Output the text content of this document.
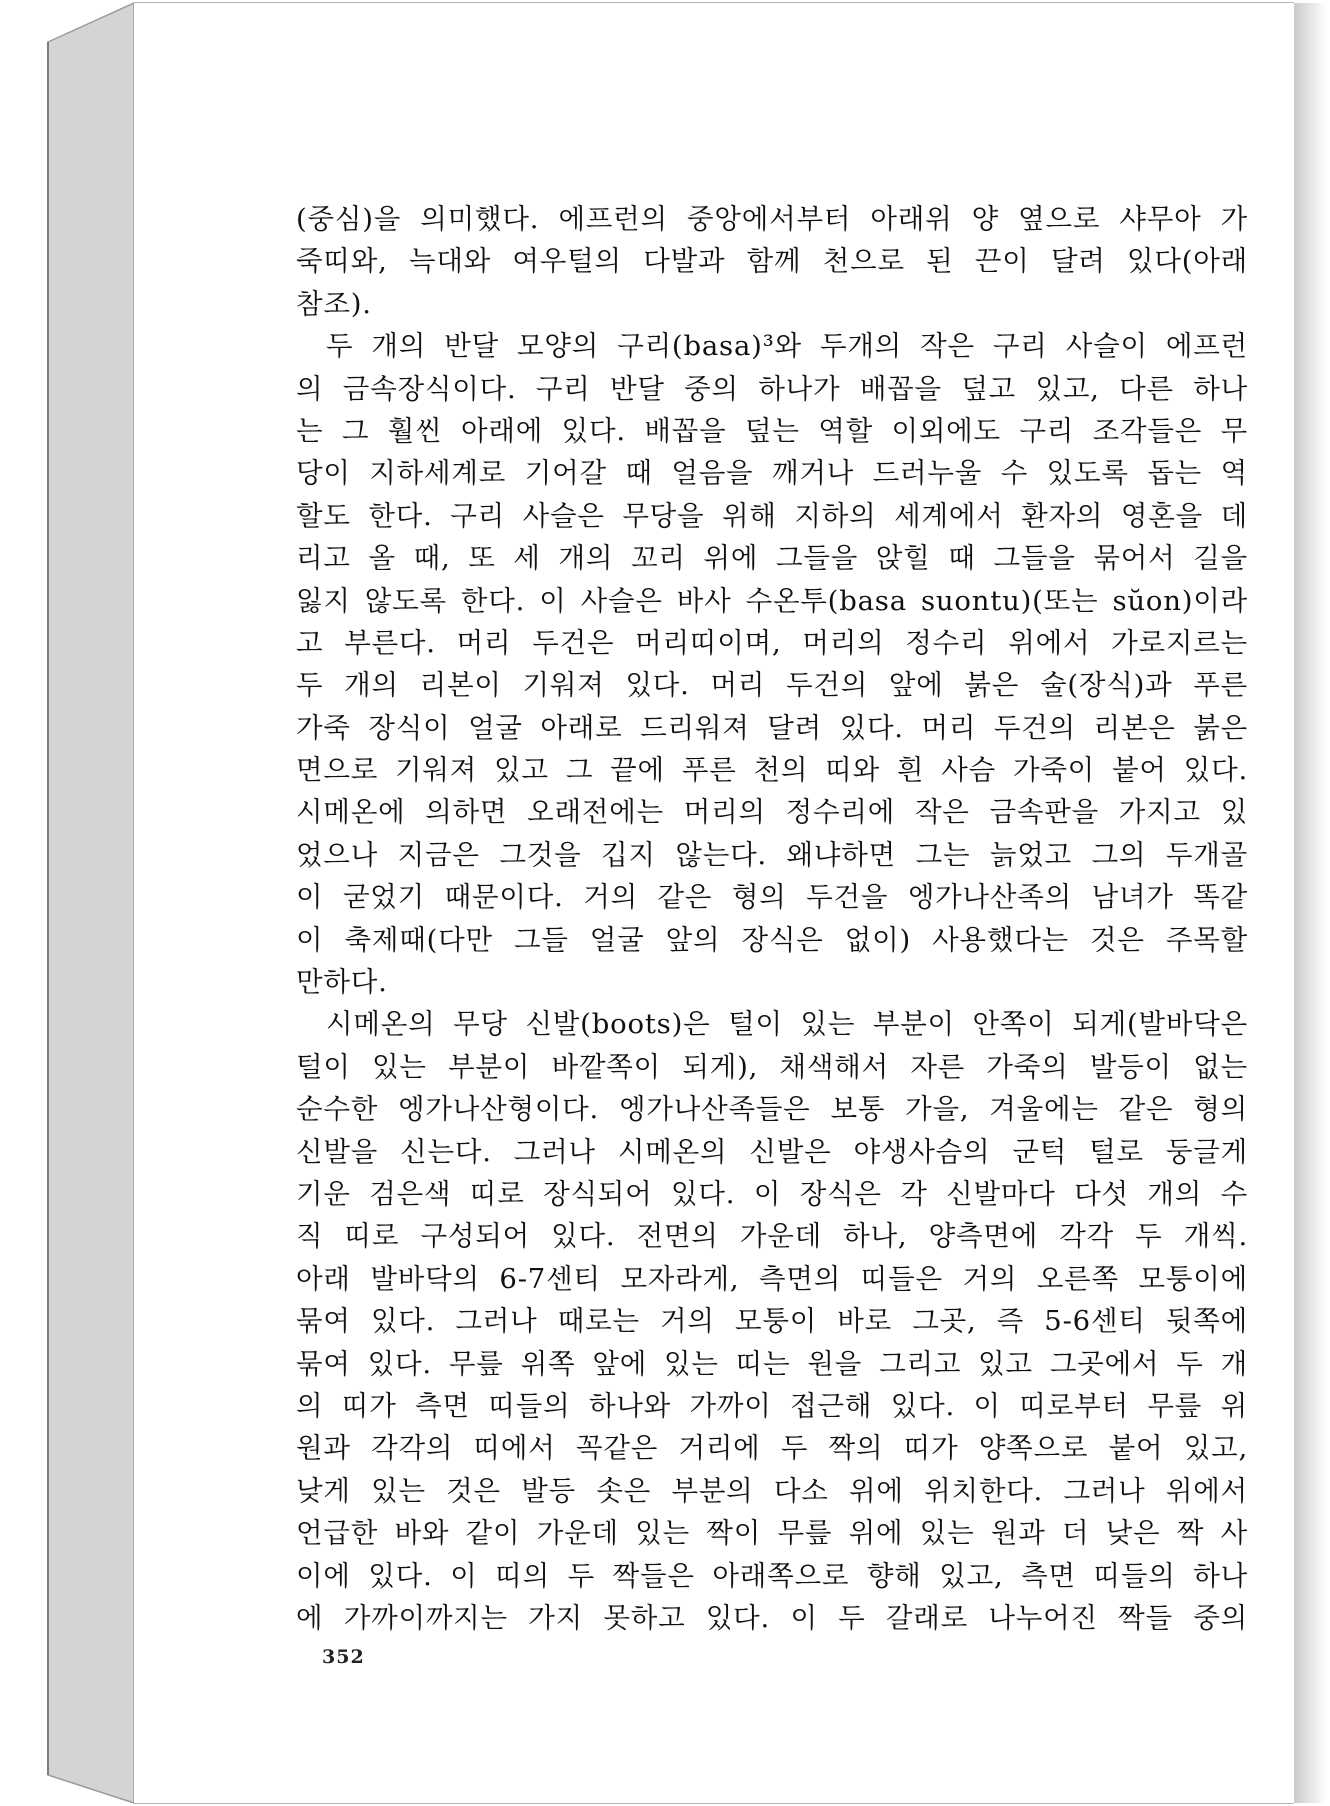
(중심)을 의미했다. 에프런의 중앙에서부터 아래위 양 옆으로 샤무아 가
죽띠와, 늑대와 여우털의 다발과 함께 천으로 된 끈이 달려 있다(아래
참조).
두 개의 반달 모양의 구리(basa)³와 두개의 작은 구리 사슬이 에프런
의 금속장식이다. 구리 반달 중의 하나가 배꼽을 덮고 있고, 다른 하나
는 그 훨씬 아래에 있다. 배꼽을 덮는 역할 이외에도 구리 조각들은 무
당이 지하세계로 기어갈 때 얼음을 깨거나 드러누울 수 있도록 돕는 역
할도 한다. 구리 사슬은 무당을 위해 지하의 세계에서 환자의 영혼을 데
리고 올 때, 또 세 개의 꼬리 위에 그들을 앉힐 때 그들을 묶어서 길을
잃지 않도록 한다. 이 사슬은 바사 수온투(basa suontu)(또는 sŭon)이라
고 부른다. 머리 두건은 머리띠이며, 머리의 정수리 위에서 가로지르는
두 개의 리본이 기워져 있다. 머리 두건의 앞에 붉은 술(장식)과 푸른
가죽 장식이 얼굴 아래로 드리워져 달려 있다. 머리 두건의 리본은 붉은
면으로 기워져 있고 그 끝에 푸른 천의 띠와 흰 사슴 가죽이 붙어 있다.
시메온에 의하면 오래전에는 머리의 정수리에 작은 금속판을 가지고 있
었으나 지금은 그것을 깁지 않는다. 왜냐하면 그는 늙었고 그의 두개골
이 굳었기 때문이다. 거의 같은 형의 두건을 엥가나산족의 남녀가 똑같
이 축제때(다만 그들 얼굴 앞의 장식은 없이) 사용했다는 것은 주목할
만하다.
시메온의 무당 신발(boots)은 털이 있는 부분이 안쪽이 되게(발바닥은
털이 있는 부분이 바깥쪽이 되게), 채색해서 자른 가죽의 발등이 없는
순수한 엥가나산형이다. 엥가나산족들은 보통 가을, 겨울에는 같은 형의
신발을 신는다. 그러나 시메온의 신발은 야생사슴의 군턱 털로 둥글게
기운 검은색 띠로 장식되어 있다. 이 장식은 각 신발마다 다섯 개의 수
직 띠로 구성되어 있다. 전면의 가운데 하나, 양측면에 각각 두 개씩.
아래 발바닥의 6-7센티 모자라게, 측면의 띠들은 거의 오른쪽 모퉁이에
묶여 있다. 그러나 때로는 거의 모퉁이 바로 그곳, 즉 5-6센티 뒷쪽에
묶여 있다. 무릎 위쪽 앞에 있는 띠는 원을 그리고 있고 그곳에서 두 개
의 띠가 측면 띠들의 하나와 가까이 접근해 있다. 이 띠로부터 무릎 위
원과 각각의 띠에서 꼭같은 거리에 두 짝의 띠가 양쪽으로 붙어 있고,
낮게 있는 것은 발등 솟은 부분의 다소 위에 위치한다. 그러나 위에서
언급한 바와 같이 가운데 있는 짝이 무릎 위에 있는 원과 더 낮은 짝 사
이에 있다. 이 띠의 두 짝들은 아래쪽으로 향해 있고, 측면 띠들의 하나
에 가까이까지는 가지 못하고 있다. 이 두 갈래로 나누어진 짝들 중의
352
